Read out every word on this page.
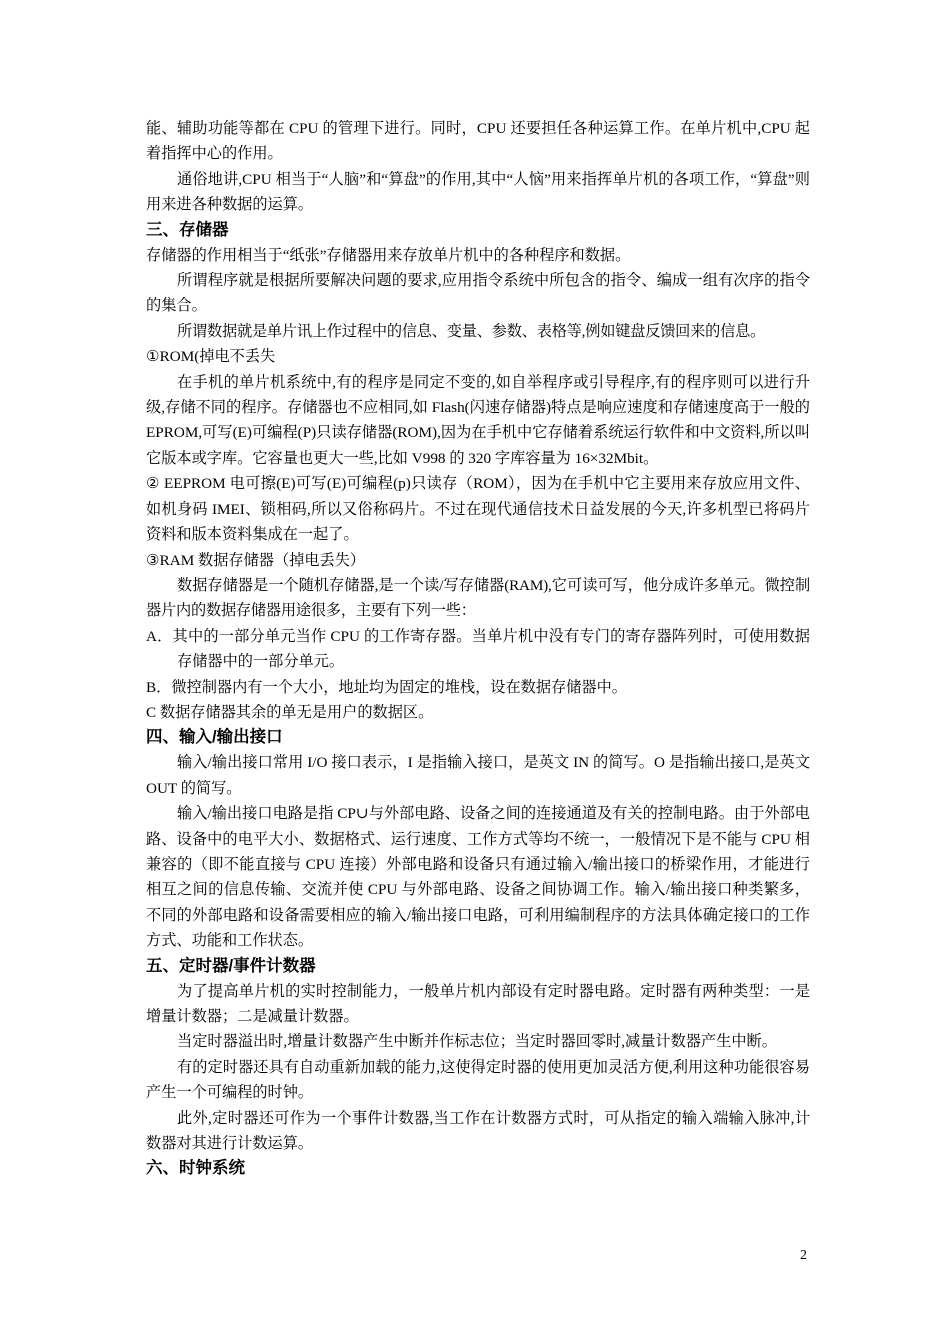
能、辅助功能等都在 CPU 的管理下进行。同时，CPU 还要担任各种运算工作。在单片机中,CPU 起着指挥中心的作用。

通俗地讲,CPU 相当于“人脑”和“算盘”的作用,其中“人恼”用来指挥单片机的各项工作，“算盘”则用来进各种数据的运算。

三、存储器

存储器的作用相当于“纸张”存储器用来存放单片机中的各种程序和数据。

所谓程序就是根据所要解决问题的要求,应用指令系统中所包含的指令、编成一组有次序的指令的集合。

所谓数据就是单片讯上作过程中的信息、变量、参数、表格等,例如键盘反馈回来的信息。

①ROM(掉电不丢失

在手机的单片机系统中,有的程序是同定不变的,如自举程序或引导程序,有的程序则可以进行升级,存储不同的程序。存储器也不应相同,如 Flash(闪速存储器)特点是响应速度和存储速度高于一般的 EPROM,可写(E)可编程(P)只读存储器(ROM),因为在手机中它存储着系统运行软件和中文资料,所以叫它版本或字库。它容量也更大一些,比如 V998 的 320 字库容量为 16×32Mbit。

② EEPROM 电可擦(E)可写(E)可编程(p)只读存（ROM），因为在手机中它主要用来存放应用文件、如机身码 IMEI、锁相码,所以又俗称码片。不过在现代通信技术日益发展的今天,许多机型已将码片资料和版本资料集成在一起了。

③RAM 数据存储器（掉电丢失）

数据存储器是一个随机存储器,是一个读/写存储器(RAM),它可读可写，他分成许多单元。微控制器片内的数据存储器用途很多，主要有下列一些：

A．其中的一部分单元当作 CPU 的工作寄存器。当单片机中没有专门的寄存器阵列时，可使用数据存储器中的一部分单元。

B．微控制器内有一个大小，地址均为固定的堆栈，设在数据存储器中。

C 数据存储器其余的单无是用户的数据区。

四、输入/输出接口

输入/输出接口常用 I/O 接口表示，I 是指输入接口，是英文 IN 的简写。O 是指输出接口,是英文 OUT 的简写。

输入/输出接口电路是指 CP∪与外部电路、设备之间的连接通道及有关的控制电路。由于外部电路、设备中的电平大小、数据格式、运行速度、工作方式等均不统一，一般情况下是不能与 CPU 相兼容的（即不能直接与 CPU 连接）外部电路和设备只有通过输入/输出接口的桥梁作用，才能进行相互之间的信息传输、交流并使 CPU 与外部电路、设备之间协调工作。输入/输出接口种类繁多，不同的外部电路和设备需要相应的输入/输出接口电路，可利用编制程序的方法具体确定接口的工作方式、功能和工作状态。

五、定时器/事件计数器

为了提高单片机的实时控制能力，一般单片机内部设有定时器电路。定时器有两种类型：一是增量计数器；二是减量计数器。

当定时器溢出时,增量计数器产生中断并作标志位；当定时器回零时,减量计数器产生中断。

有的定时器还具有自动重新加载的能力,这使得定时器的使用更加灵活方便,利用这种功能很容易产生一个可编程的时钟。

此外,定时器还可作为一个事件计数器,当工作在计数器方式时，可从指定的输入端输入脉冲,计数器对其进行计数运算。

六、时钟系统

2
